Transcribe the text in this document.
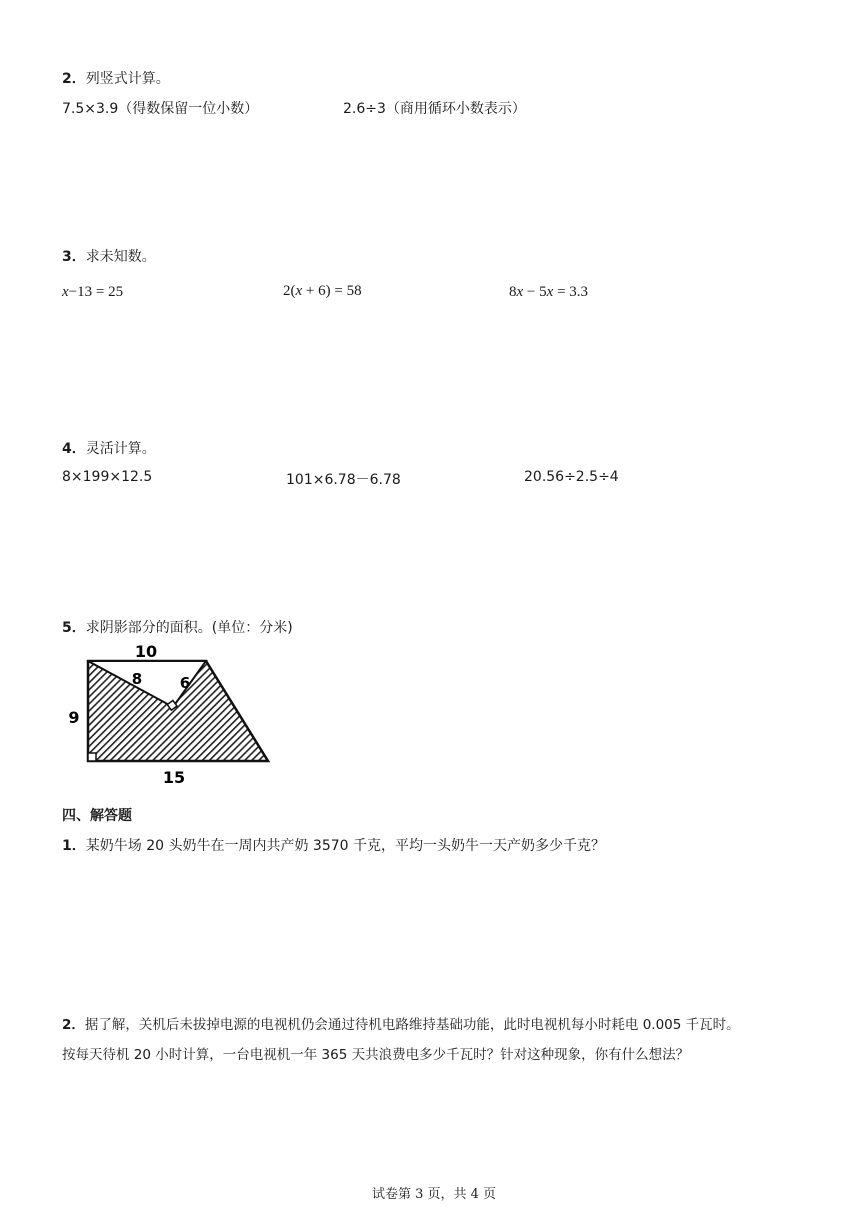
2．列竖式计算。
7.5×3.9（得数保留一位小数）	2.6÷3（商用循环小数表示）
3．求未知数。
x−13 = 25	2(x + 6) = 58	8x − 5x = 3.3
4．灵活计算。
8×199×12.5	101×6.78－6.78	20.56÷2.5÷4
5．求阴影部分的面积。(单位：分米)
10
9
15
8	6
四、解答题
1．某奶牛场 20 头奶牛在一周内共产奶 3570 千克，平均一头奶牛一天产奶多少千克？
2．据了解，关机后未拔掉电源的电视机仍会通过待机电路维持基础功能，此时电视机每小时耗电 0.005 千瓦时。
按每天待机 20 小时计算，一台电视机一年 365 天共浪费电多少千瓦时？针对这种现象，你有什么想法？
试卷第 3 页，共 4 页
